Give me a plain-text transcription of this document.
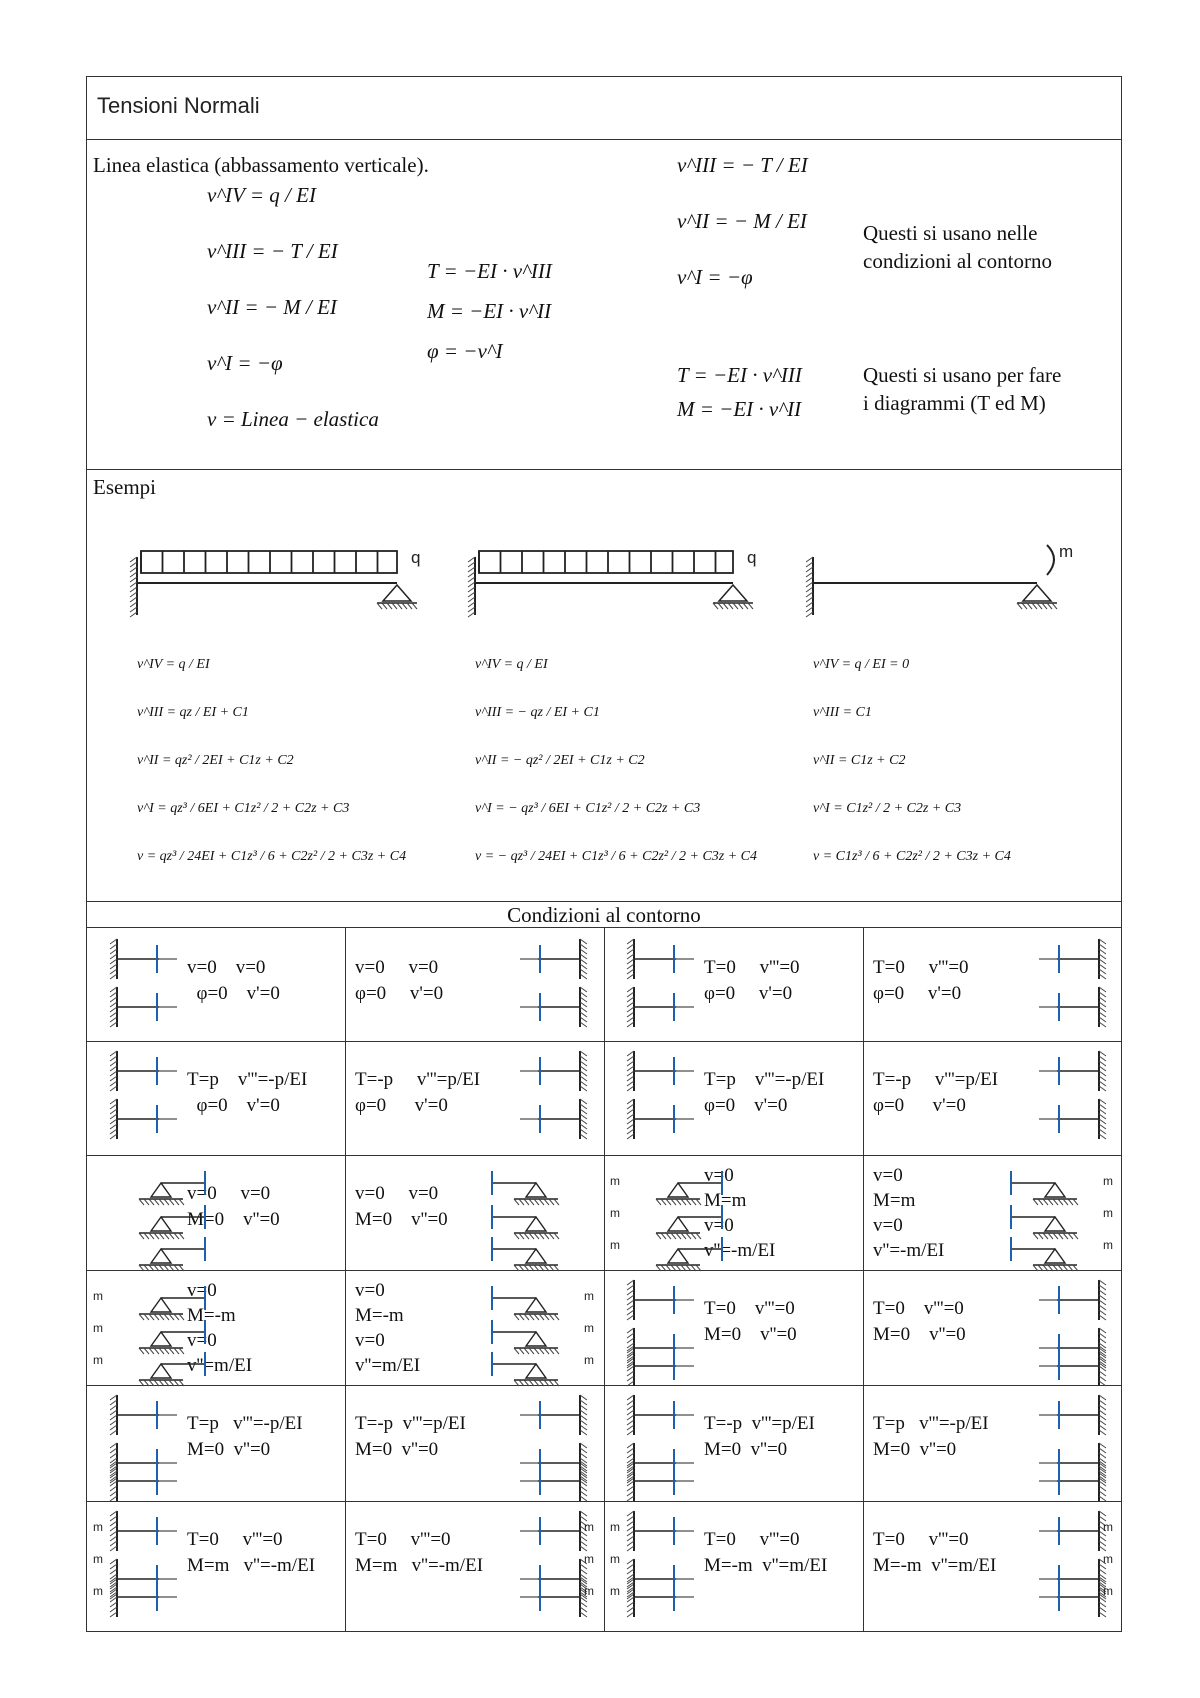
Tensioni Normali
Linea elastica (abbassamento verticale).
v^IV = q / EI
v^III = − T / EI
v^II = − M / EI
v^I = −φ
v = Linea − elastica
T = −EI · v^III
M = −EI · v^II
φ = −v^I
v^III = − T / EI
v^II = − M / EI
v^I = −φ
Questi si usano nelle
condizioni al contorno
T = −EI · v^III
M = −EI · v^II
Questi si usano per fare
i diagrammi (T ed M)
Esempi
v^IV = q / EI
v^III = qz / EI + C1
v^II = qz² / 2EI + C1z + C2
v^I = qz³ / 6EI + C1z² / 2 + C2z + C3
v = qz³ / 24EI + C1z³ / 6 + C2z² / 2 + C3z + C4
v^IV = q / EI
v^III = − qz / EI + C1
v^II = − qz² / 2EI + C1z + C2
v^I = − qz³ / 6EI + C1z² / 2 + C2z + C3
v = − qz³ / 24EI + C1z³ / 6 + C2z² / 2 + C3z + C4
v^IV = q / EI = 0
v^III = C1
v^II = C1z + C2
v^I = C1z² / 2 + C2z + C3
v = C1z³ / 6 + C2z² / 2 + C3z + C4
Condizioni al contorno
v=0    v=0
φ=0    v'=0
v=0     v=0
φ=0     v'=0
T=0     v'''=0
φ=0     v'=0
T=0     v'''=0
φ=0     v'=0
T=p    v'''=-p/EI
φ=0    v'=0
T=-p     v'''=p/EI
φ=0      v'=0
T=p    v'''=-p/EI
φ=0    v'=0
T=-p     v'''=p/EI
φ=0      v'=0
v=0     v=0
v''=0
v=0     v=0
M=0    v''=0
v=0
M=m
v=0
v''=-m/EI
v=0
M=m
v=0
v''=-m/EI
v=0
M=-m
v=0
v''=m/EI
v=0
M=-m
v=0
v''=m/EI
T=0    v'''=0
M=0    v''=0
T=0    v'''=0
M=0    v''=0
T=p   v'''=-p/EI
M=0  v''=0
T=-p  v'''=p/EI
M=0  v''=0
T=-p  v'''=p/EI
M=0  v''=0
T=p   v'''=-p/EI
M=0  v''=0
T=0     v'''=0
M=m   v''=-m/EI
T=0     v'''=0
M=m   v''=-m/EI
T=0     v'''=0
M=-m  v''=m/EI
T=0     v'''=0
M=-m  v''=m/EI
q	q	m
m
m
m
m
m
m
m
m
m
m
m
m
m
m
m
m
m
m
m
m
m
m
m
m
